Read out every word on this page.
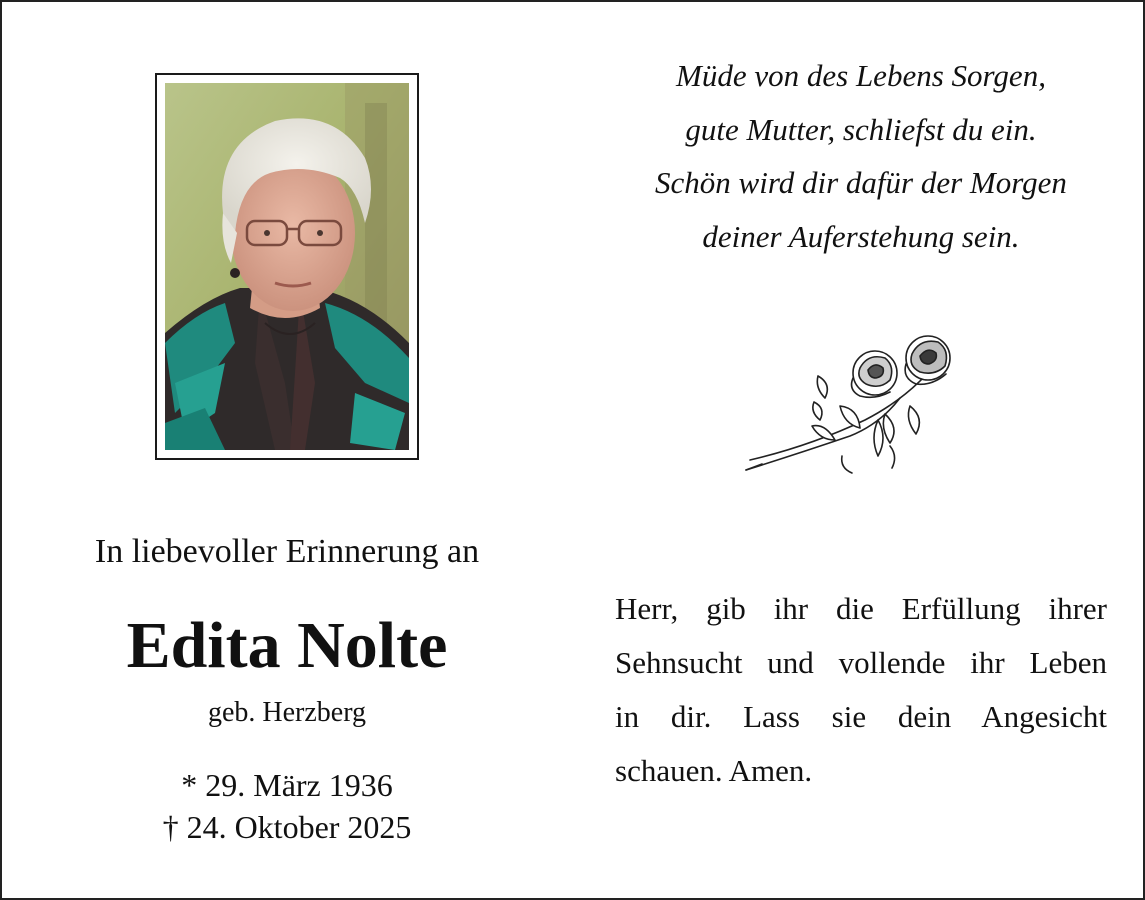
Müde von des Lebens Sorgen,

gute Mutter, schliefst du ein.

Schön wird dir dafür der Morgen

deiner Auferstehung sein.

In liebevoller Erinnerung an

Edita Nolte

geb. Herzberg

* 29. März 1936
† 24. Oktober 2025
Herr, gib ihr die Erfüllung ihrer
Sehnsucht und vollende ihr Leben
in dir. Lass sie dein Angesicht
schauen. Amen.
